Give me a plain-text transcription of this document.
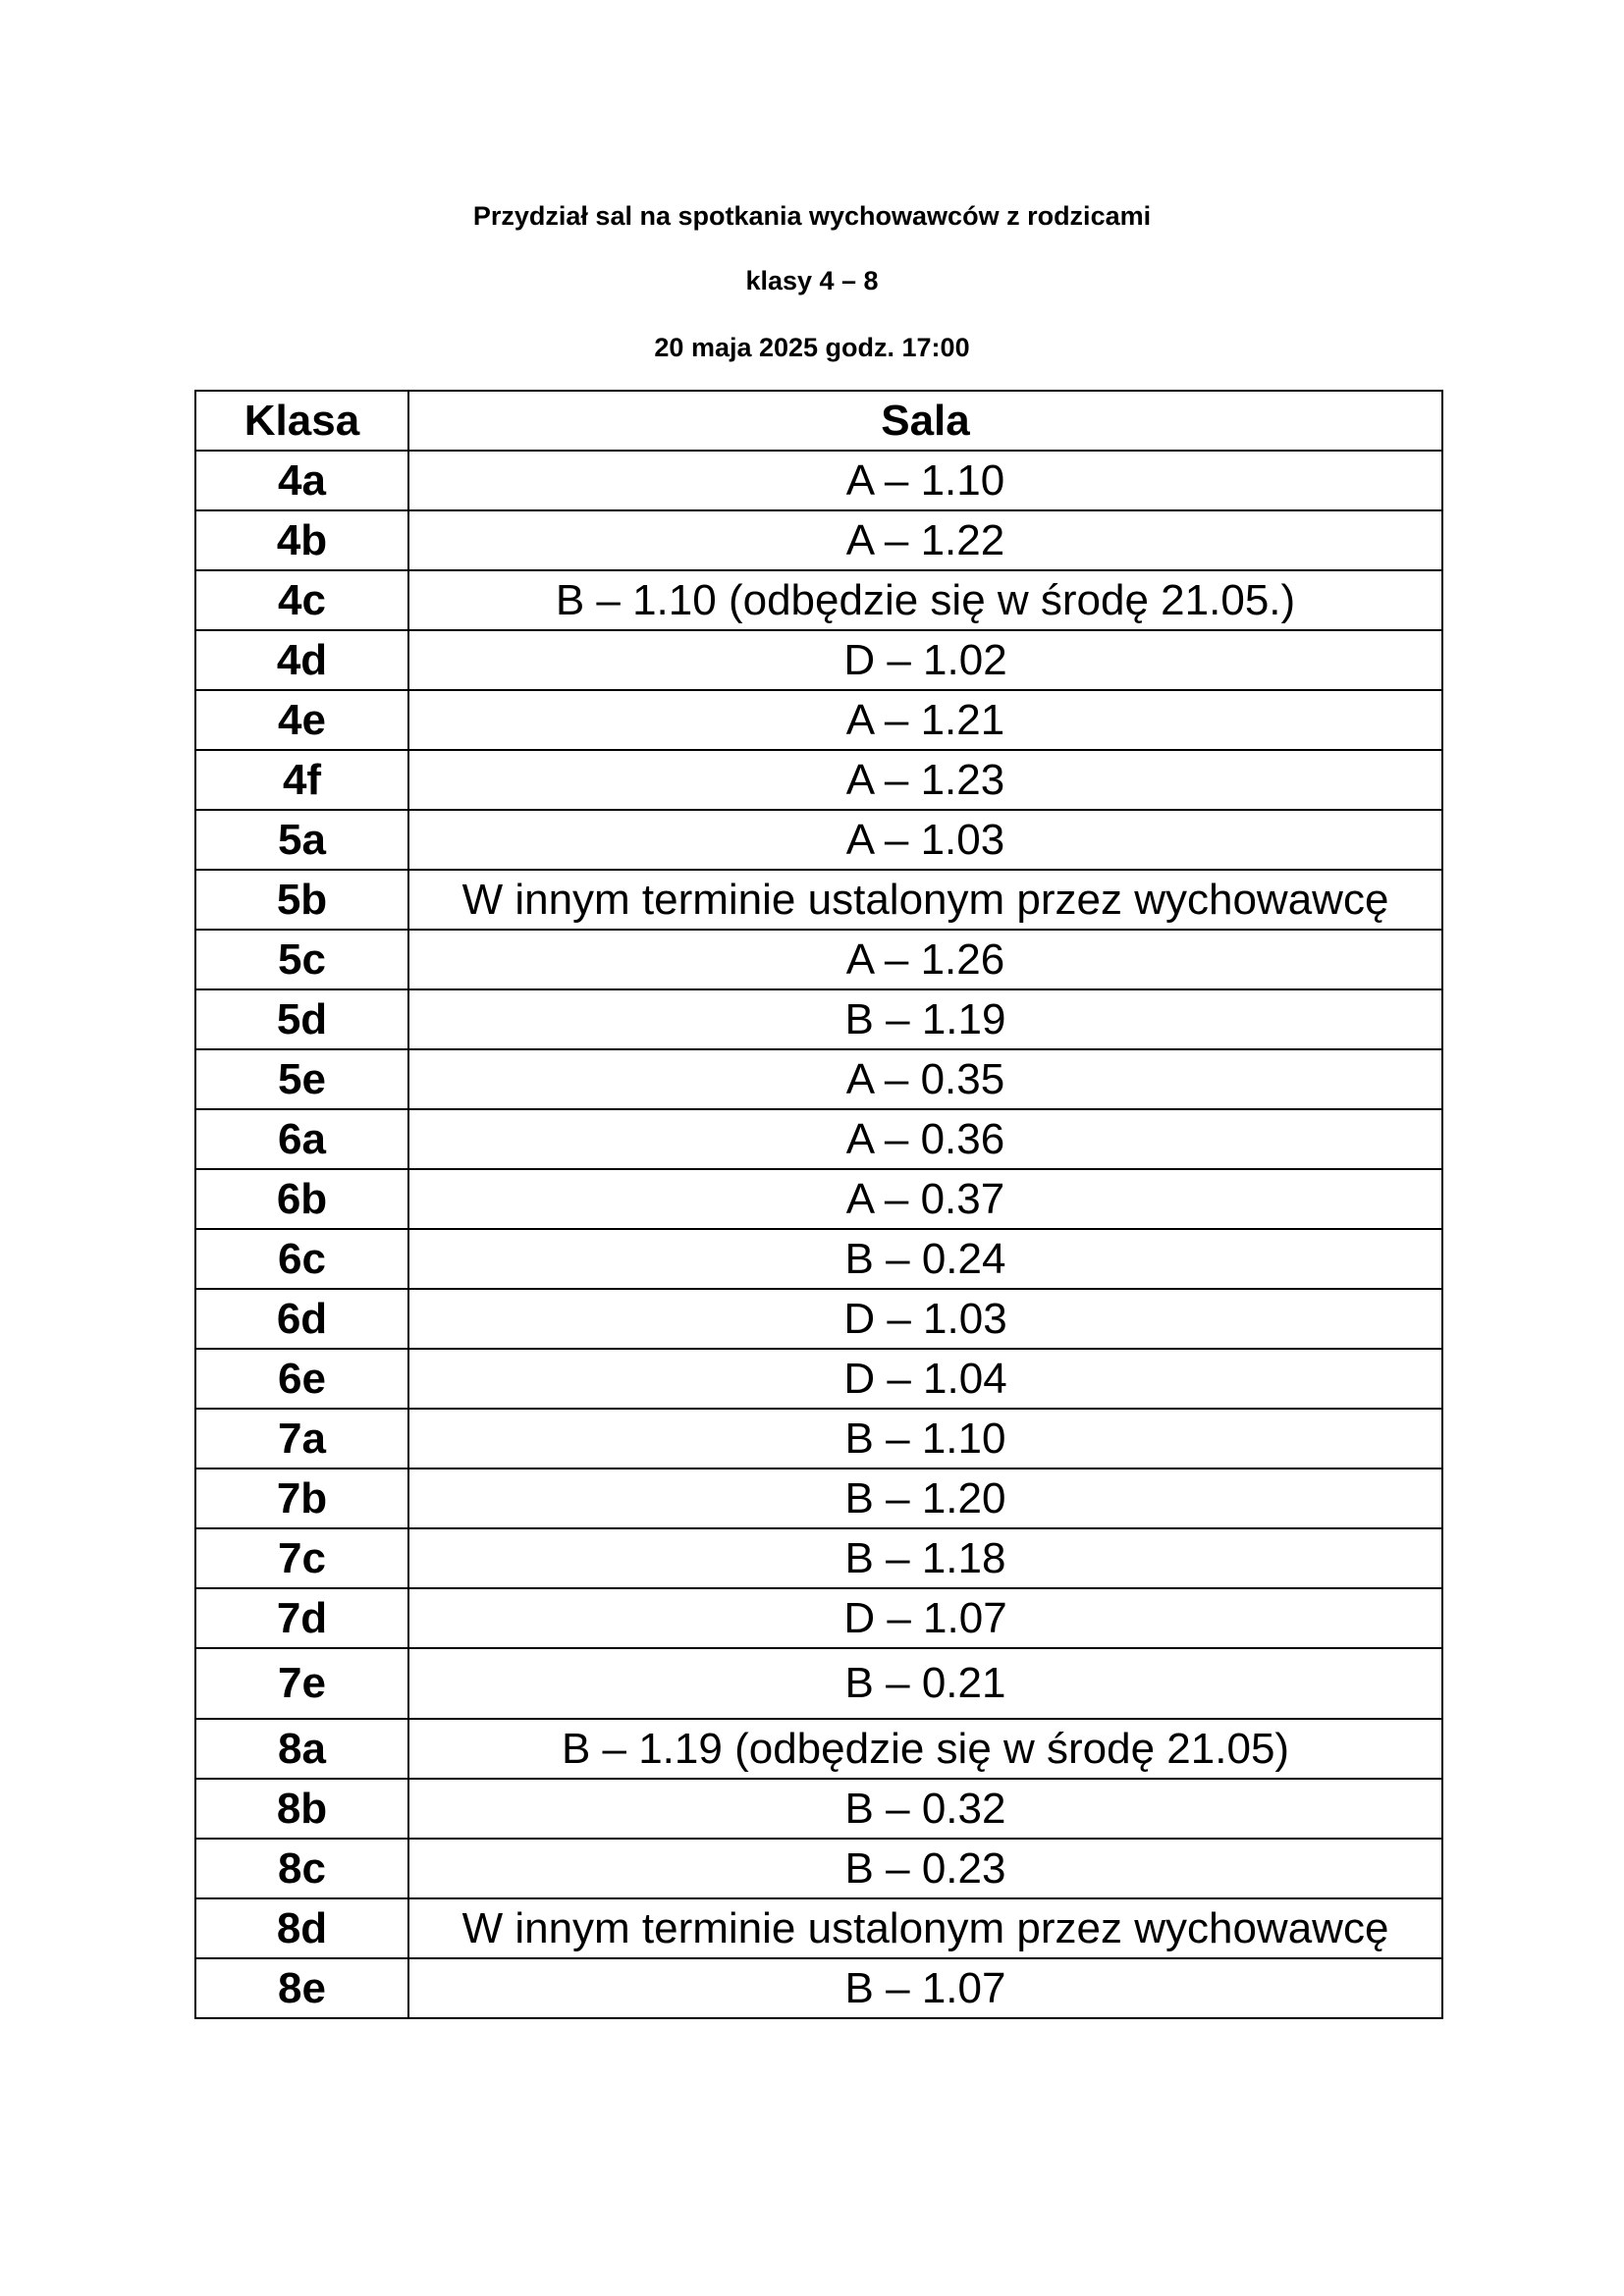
Przydział sal na spotkania wychowawców z rodzicami
klasy 4 – 8
20 maja 2025 godz. 17:00
Klasa	Sala
4a	A – 1.10
4b	A – 1.22
4c	B – 1.10 (odbędzie się w środę 21.05.)
4d	D – 1.02
4e	A – 1.21
4f	A – 1.23
5a	A – 1.03
5b	W innym terminie ustalonym przez wychowawcę
5c	A – 1.26
5d	B – 1.19
5e	A – 0.35
6a	A – 0.36
6b	A – 0.37
6c	B – 0.24
6d	D – 1.03
6e	D – 1.04
7a	B – 1.10
7b	B – 1.20
7c	B – 1.18
7d	D – 1.07
7e	B – 0.21
8a	B – 1.19 (odbędzie się w środę 21.05)
8b	B – 0.32
8c	B – 0.23
8d	W innym terminie ustalonym przez wychowawcę
8e	B – 1.07
